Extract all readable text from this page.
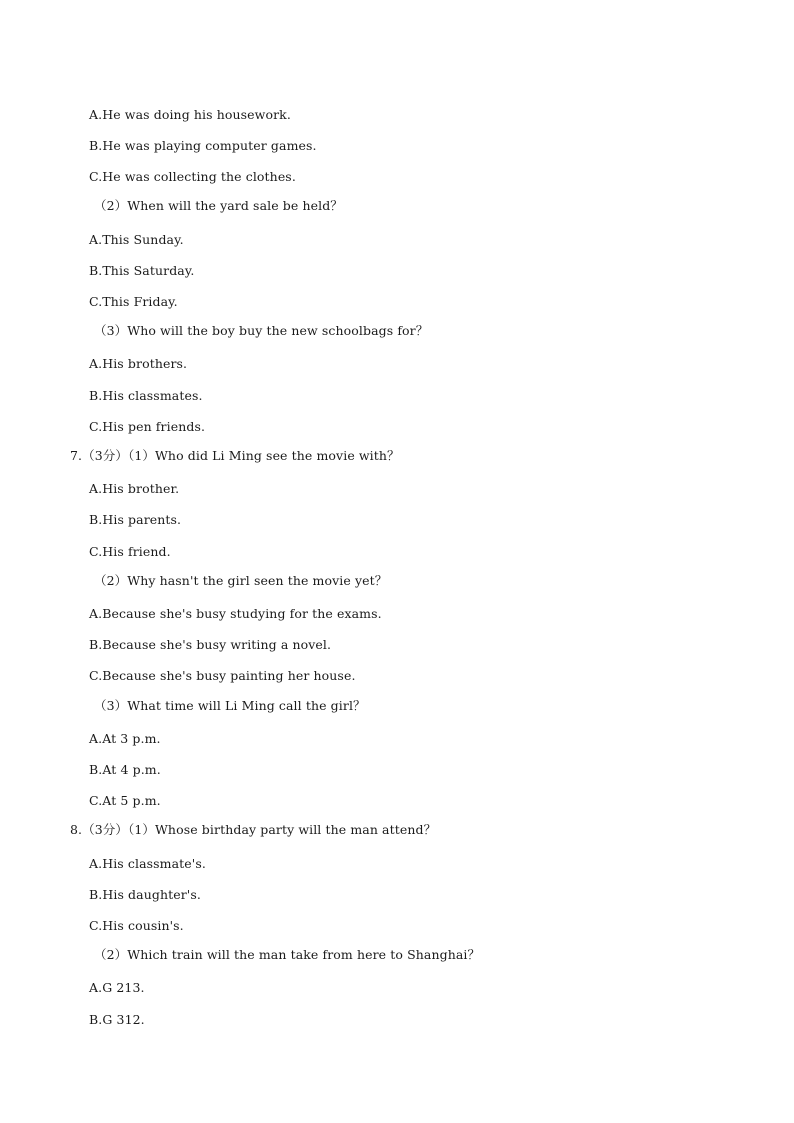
A.He was doing his housework.
B.He was playing computer games.
C.He was collecting the clothes.
（2）When will the yard sale be held？
A.This Sunday.
B.This Saturday.
C.This Friday.
（3）Who will the boy buy the new schoolbags for？
A.His brothers.
B.His classmates.
C.His pen friends.
7.（3分）（1）Who did Li Ming see the movie with？
A.His brother.
B.His parents.
C.His friend.
（2）Why hasn't the girl seen the movie yet？
A.Because she's busy studying for the exams.
B.Because she's busy writing a novel.
C.Because she's busy painting her house.
（3）What time will Li Ming call the girl？
A.At 3 p.m.
B.At 4 p.m.
C.At 5 p.m.
8.（3分）（1）Whose birthday party will the man attend？
A.His classmate's.
B.His daughter's.
C.His cousin's.
（2）Which train will the man take from here to Shanghai？
A.G 213.
B.G 312.
